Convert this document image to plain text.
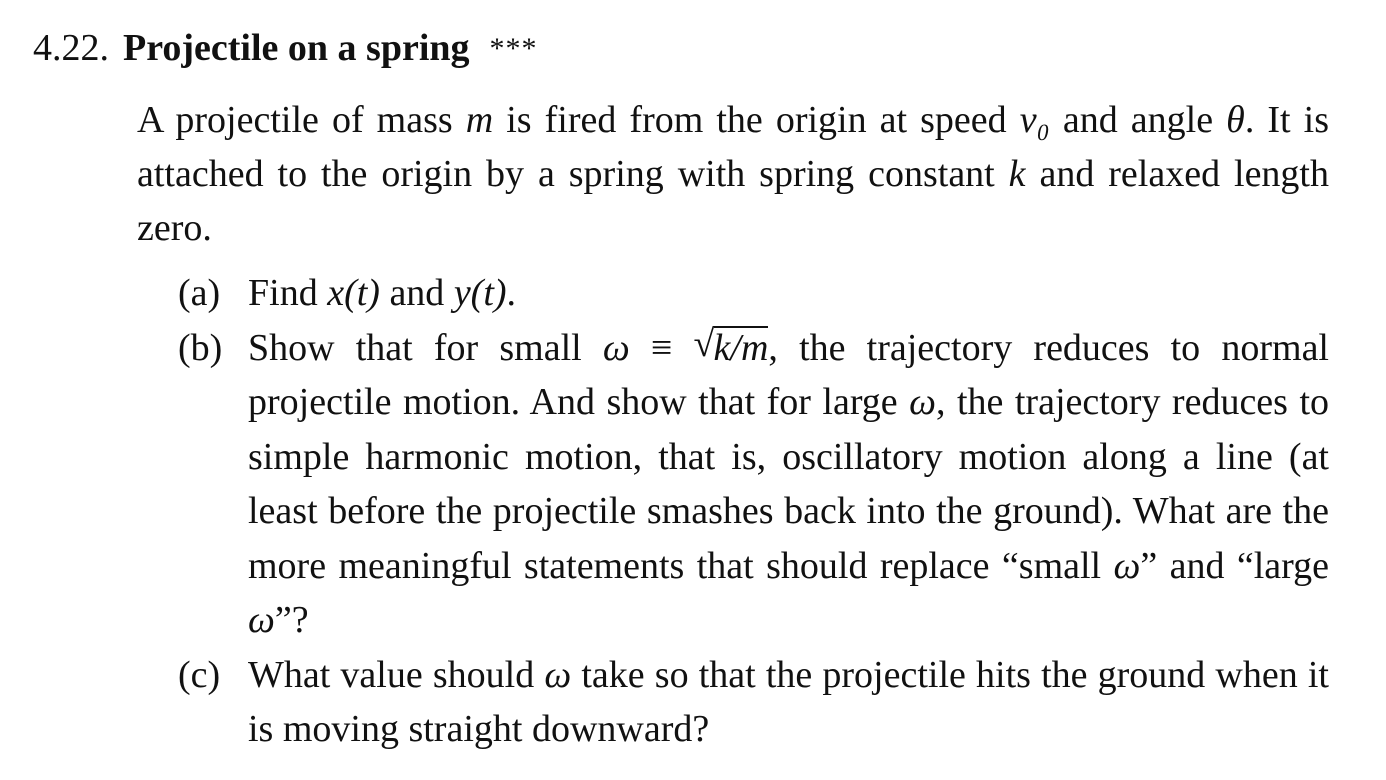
4.22. Projectile on a spring ***
A projectile of mass m is fired from the origin at speed v₀ and angle θ. It is attached to the origin by a spring with spring constant k and relaxed length zero.
(a) Find x(t) and y(t).
(b) Show that for small ω ≡ √ k/m, the trajectory reduces to normal projectile motion. And show that for large ω, the trajectory reduces to simple harmonic motion, that is, oscillatory motion along a line (at least before the projectile smashes back into the ground). What are the more meaningful statements that should replace “small ω” and “large ω”?
(c) What value should ω take so that the projectile hits the ground when it is moving straight downward?
